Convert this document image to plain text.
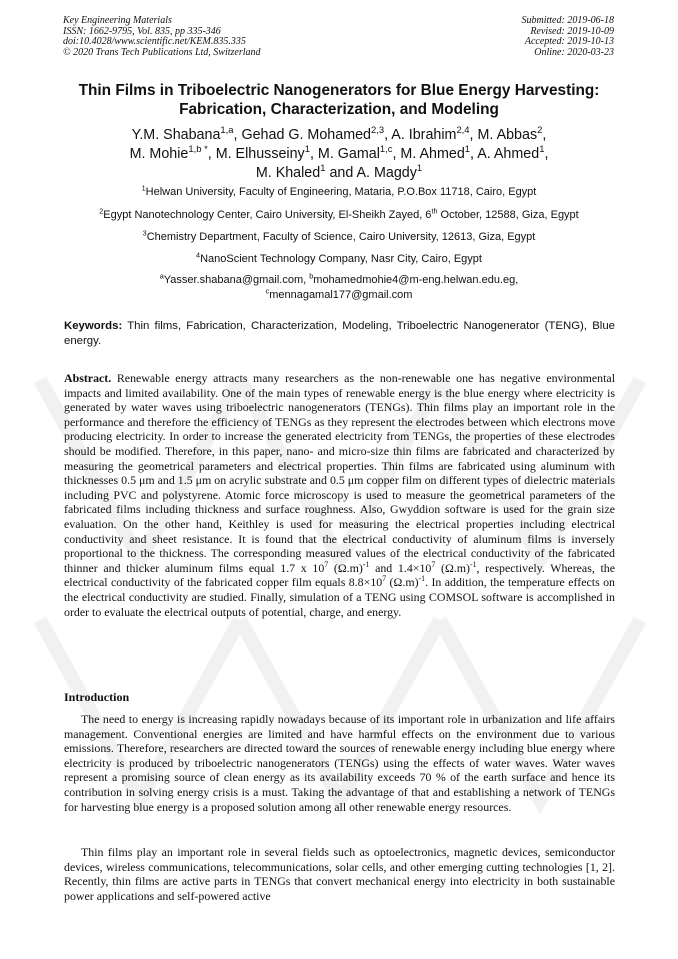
Key Engineering Materials
ISSN: 1662-9795, Vol. 835, pp 335-346
doi:10.4028/www.scientific.net/KEM.835.335
© 2020 Trans Tech Publications Ltd, Switzerland
Submitted: 2019-06-18
Revised: 2019-10-09
Accepted: 2019-10-13
Online: 2020-03-23
Thin Films in Triboelectric Nanogenerators for Blue Energy Harvesting:
Fabrication, Characterization, and Modeling
Y.M. Shabana$^{1,a}$, Gehad G. Mohamed$^{2,3}$, A. Ibrahim$^{2,4}$, M. Abbas$^2$,
M. Mohie$^{1,b *}$, M. Elhusseiny$^1$, M. Gamal$^{1,c}$, M. Ahmed$^1$, A. Ahmed$^1$,
M. Khaled$^1$ and A. Magdy$^1$
$^1$Helwan University, Faculty of Engineering, Mataria, P.O.Box 11718, Cairo, Egypt
$^2$Egypt Nanotechnology Center, Cairo University, El-Sheikh Zayed, 6th October, 12588, Giza, Egypt
$^3$Chemistry Department, Faculty of Science, Cairo University, 12613, Giza, Egypt
$^4$NanoScient Technology Company, Nasr City, Cairo, Egypt
$^a$Yasser.shabana@gmail.com, $^b$mohamedmohie4@m-eng.helwan.edu.eg,
$^c$mennagamal177@gmail.com
Keywords: Thin films, Fabrication, Characterization, Modeling, Triboelectric Nanogenerator (TENG), Blue energy.
Abstract. Renewable energy attracts many researchers as the non-renewable one has negative environmental impacts and limited availability. One of the main types of renewable energy is the blue energy where electricity is generated by water waves using triboelectric nanogenerators (TENGs). Thin films play an important role in the performance and therefore the efficiency of TENGs as they represent the electrodes between which electrons move producing electricity. In order to increase the generated electricity from TENGs, the properties of these electrodes should be modified. Therefore, in this paper, nano- and micro-size thin films are fabricated and characterized by measuring the geometrical parameters and electrical properties. Thin films are fabricated using aluminum with thicknesses 0.5 μm and 1.5 μm on acrylic substrate and 0.5 μm copper film on different types of dielectric materials including PVC and polystyrene. Atomic force microscopy is used to measure the geometrical parameters of the fabricated films including thickness and surface roughness. Also, Gwyddion software is used for the grain size evaluation. On the other hand, Keithley is used for measuring the electrical properties including electrical conductivity and sheet resistance. It is found that the electrical conductivity of aluminum films is inversely proportional to the thickness. The corresponding measured values of the electrical conductivity of the fabricated thinner and thicker aluminum films equal 1.7 x $10^7$ $(\Omega.m)^{-1}$ and $1.4\times 10^7$ $(\Omega.m)^{-1}$, respectively. Whereas, the electrical conductivity of the fabricated copper film equals $8.8\times 10^7$ $(\Omega.m)^{-1}$. In addition, the temperature effects on the electrical conductivity are studied. Finally, simulation of a TENG using COMSOL software is accomplished in order to evaluate the electrical outputs of potential, charge, and energy.
Introduction

The need to energy is increasing rapidly nowadays because of its important role in urbanization and life affairs management. Conventional energies are limited and have harmful effects on the environment due to various emissions. Therefore, researchers are directed toward the sources of renewable energy including blue energy where electricity is produced by triboelectric nanogenerators (TENGs) using the effects of water waves. Water waves represent a promising source of clean energy as its availability exceeds 70 % of the earth surface and hence its contribution in solving energy crisis is a must. Taking the advantage of that and establishing a network of TENGs for harvesting blue energy is a proposed solution among all other renewable energy resources.

Thin films play an important role in several fields such as optoelectronics, magnetic devices, semiconductor devices, wireless communications, telecommunications, solar cells, and other emerging cutting technologies [1, 2]. Recently, thin films are active parts in TENGs that convert mechanical energy into electricity in both sustainable power applications and self-powered active
